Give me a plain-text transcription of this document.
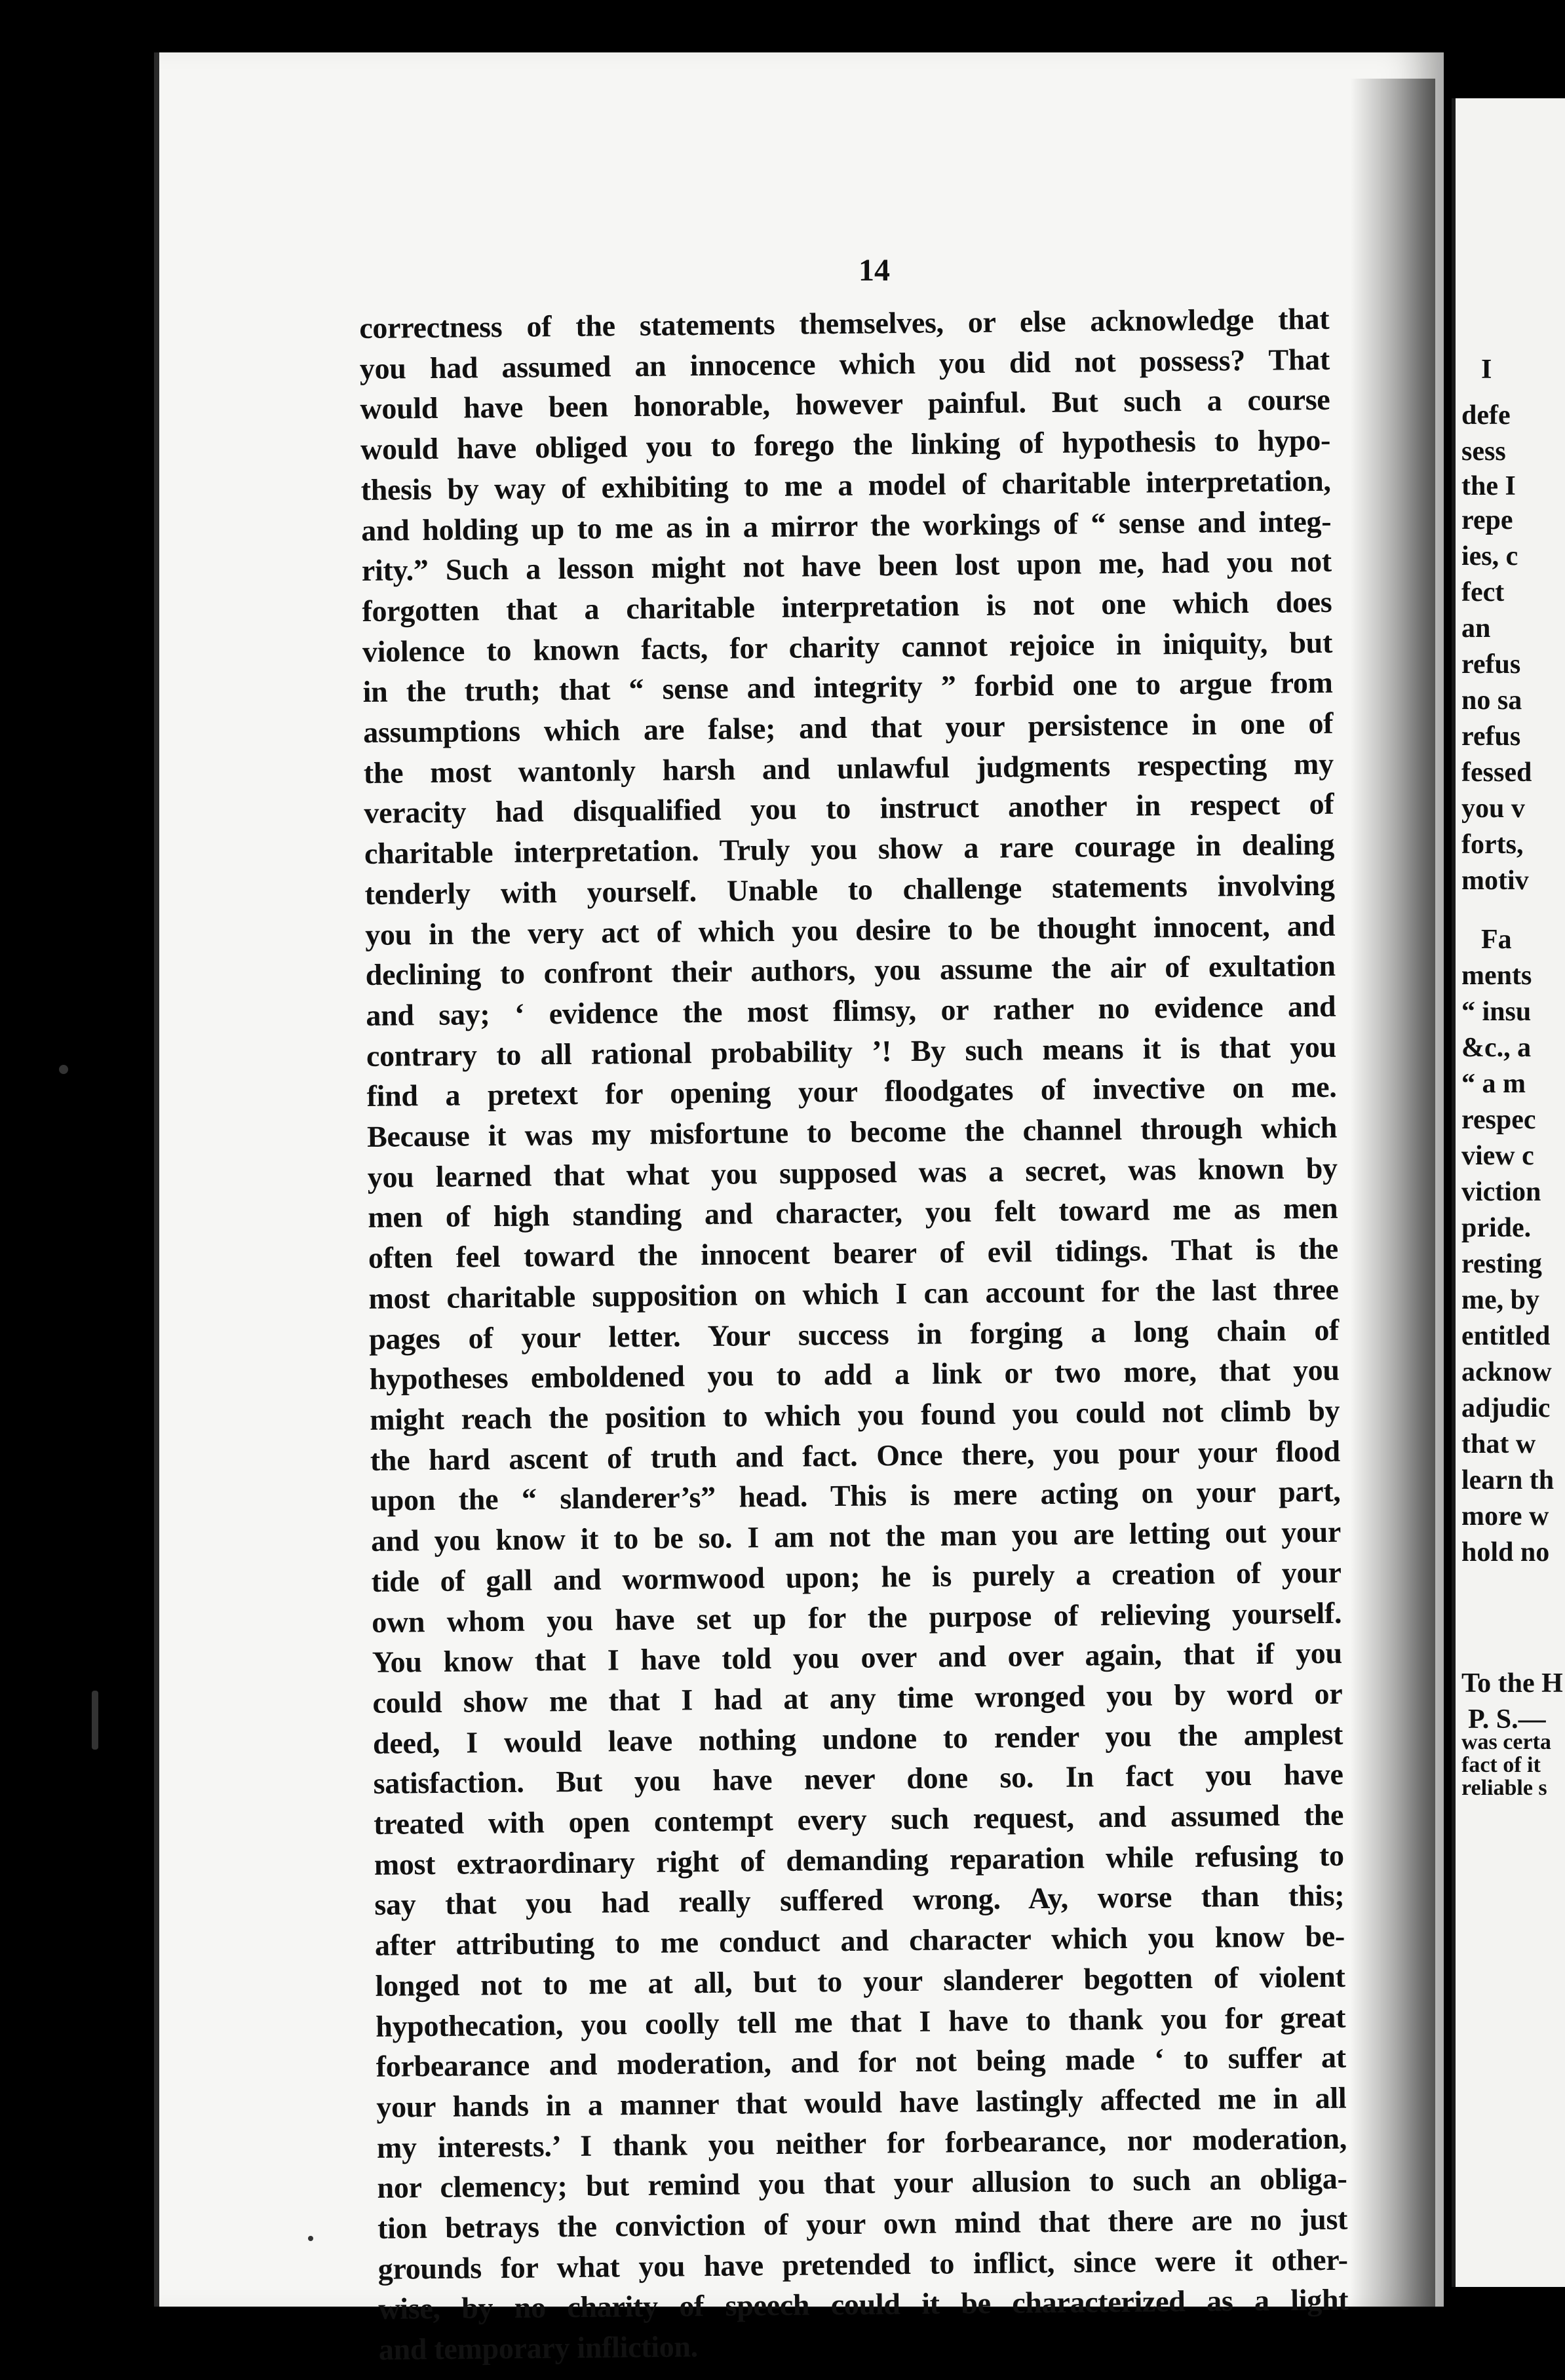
14
correctness of the statements themselves, or else acknowledge that
you had assumed an innocence which you did not possess? That
would have been honorable, however painful. But such a course
would have obliged you to forego the linking of hypothesis to hypo-
thesis by way of exhibiting to me a model of charitable interpretation,
and holding up to me as in a mirror the workings of “ sense and integ-
rity.” Such a lesson might not have been lost upon me, had you not
forgotten that a charitable interpretation is not one which does
violence to known facts, for charity cannot rejoice in iniquity, but
in the truth; that “ sense and integrity ” forbid one to argue from
assumptions which are false; and that your persistence in one of
the most wantonly harsh and unlawful judgments respecting my
veracity had disqualified you to instruct another in respect of
charitable interpretation. Truly you show a rare courage in dealing
tenderly with yourself. Unable to challenge statements involving
you in the very act of which you desire to be thought innocent, and
declining to confront their authors, you assume the air of exultation
and say; ‘ evidence the most flimsy, or rather no evidence and
contrary to all rational probability ’! By such means it is that you
find a pretext for opening your floodgates of invective on me.
Because it was my misfortune to become the channel through which
you learned that what you supposed was a secret, was known by
men of high standing and character, you felt toward me as men
often feel toward the innocent bearer of evil tidings. That is the
most charitable supposition on which I can account for the last three
pages of your letter. Your success in forging a long chain of
hypotheses emboldened you to add a link or two more, that you
might reach the position to which you found you could not climb by
the hard ascent of truth and fact. Once there, you pour your flood
upon the “ slanderer’s” head. This is mere acting on your part,
and you know it to be so. I am not the man you are letting out your
tide of gall and wormwood upon; he is purely a creation of your
own whom you have set up for the purpose of relieving yourself.
You know that I have told you over and over again, that if you
could show me that I had at any time wronged you by word or
deed, I would leave nothing undone to render you the amplest
satisfaction. But you have never done so. In fact you have
treated with open contempt every such request, and assumed the
most extraordinary right of demanding reparation while refusing to
say that you had really suffered wrong. Ay, worse than this;
after attributing to me conduct and character which you know be-
longed not to me at all, but to your slanderer begotten of violent
hypothecation, you coolly tell me that I have to thank you for great
forbearance and moderation, and for not being made ‘ to suffer at
your hands in a manner that would have lastingly affected me in all
my interests.’ I thank you neither for forbearance, nor moderation,
nor clemency; but remind you that your allusion to such an obliga-
tion betrays the conviction of your own mind that there are no just
grounds for what you have pretended to inflict, since were it other-
wise, by no charity of speech could it be characterized as a light
and temporary infliction.
I
defe
sess
the I
repe
ies, c
fect
an
refus
no sa
refus
fessed
you v
forts,
motiv
Fa
ments
“ insu
&c., a
“ a m
respec
view c
viction
pride.
resting
me, by
entitled
acknow
adjudic
that w
learn th
more w
hold no
To the H
P. S.—
was certa
fact of it
reliable s
